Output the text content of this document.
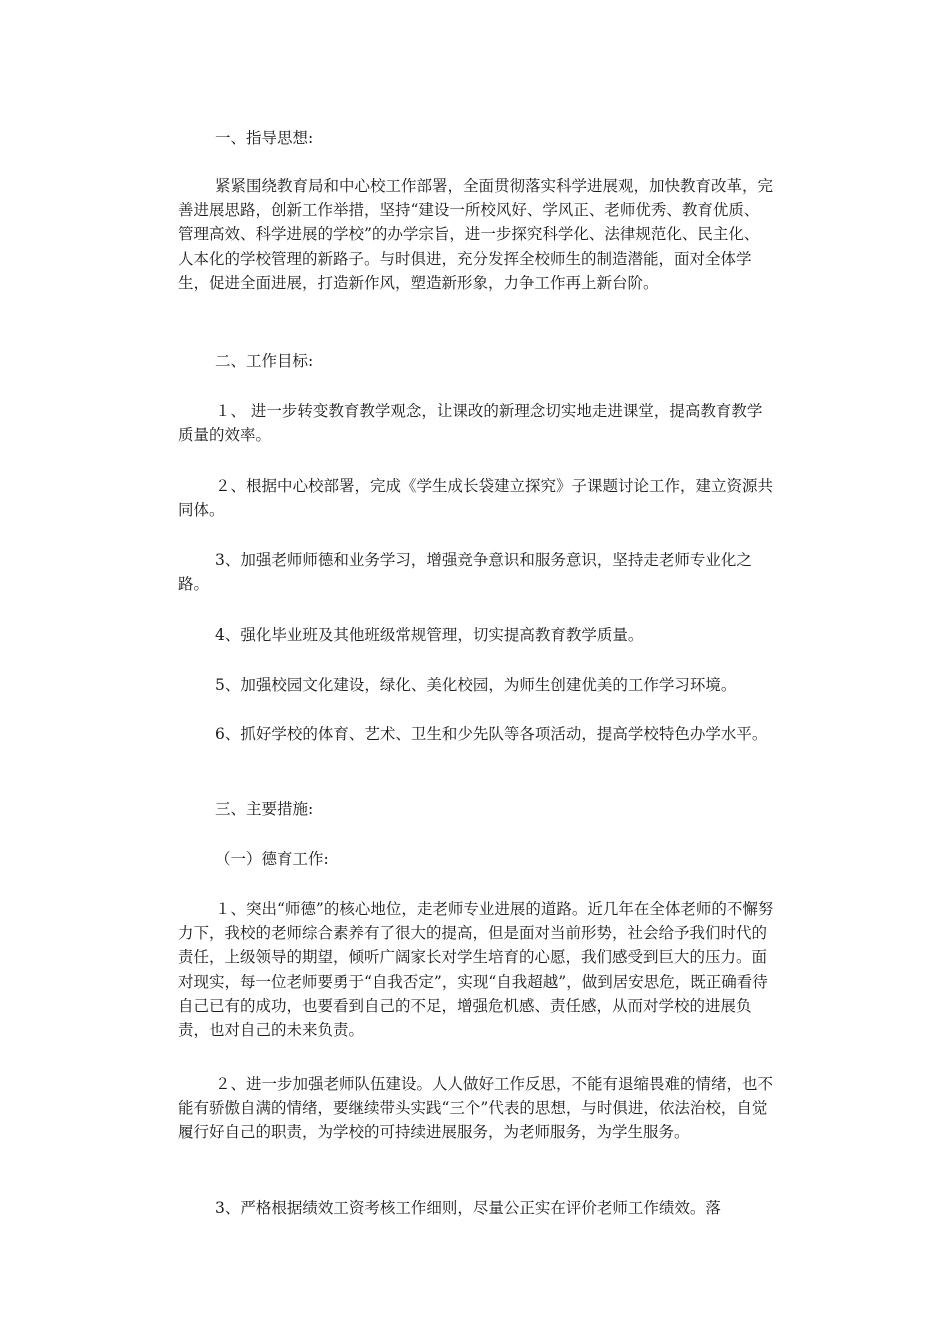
一、指导思想:

紧紧围绕教育局和中心校工作部署，全面贯彻落实科学进展观，加快教育改革，完善进展思路，创新工作举措，坚持“建设一所校风好、学风正、老师优秀、教育优质、管理高效、科学进展的学校”的办学宗旨，进一步探究科学化、法律规范化、民主化、人本化的学校管理的新路子。与时俱进，充分发挥全校师生的制造潜能，面对全体学生，促进全面进展，打造新作风，塑造新形象，力争工作再上新台阶。

二、工作目标:

１、 进一步转变教育教学观念，让课改的新理念切实地走进课堂，提高教育教学质量的效率。

２、根据中心校部署，完成《学生成长袋建立探究》子课题讨论工作，建立资源共同体。

3、加强老师师德和业务学习，增强竞争意识和服务意识，坚持走老师专业化之路。

4、强化毕业班及其他班级常规管理，切实提高教育教学质量。

5、加强校园文化建设，绿化、美化校园，为师生创建优美的工作学习环境。

6、抓好学校的体育、艺术、卫生和少先队等各项活动，提高学校特色办学水平。

三、主要措施:

（一）德育工作:

１、突出“师德”的核心地位，走老师专业进展的道路。近几年在全体老师的不懈努力下，我校的老师综合素养有了很大的提高，但是面对当前形势，社会给予我们时代的责任，上级领导的期望，倾听广阔家长对学生培育的心愿，我们感受到巨大的压力。面对现实，每一位老师要勇于“自我否定”，实现“自我超越”，做到居安思危，既正确看待自己已有的成功，也要看到自己的不足，增强危机感、责任感，从而对学校的进展负责，也对自己的未来负责。

２、进一步加强老师队伍建设。人人做好工作反思，不能有退缩畏难的情绪，也不能有骄傲自满的情绪，要继续带头实践“三个”代表的思想，与时俱进，依法治校，自觉履行好自己的职责，为学校的可持续进展服务，为老师服务，为学生服务。

3、严格根据绩效工资考核工作细则，尽量公正实在评价老师工作绩效。落
